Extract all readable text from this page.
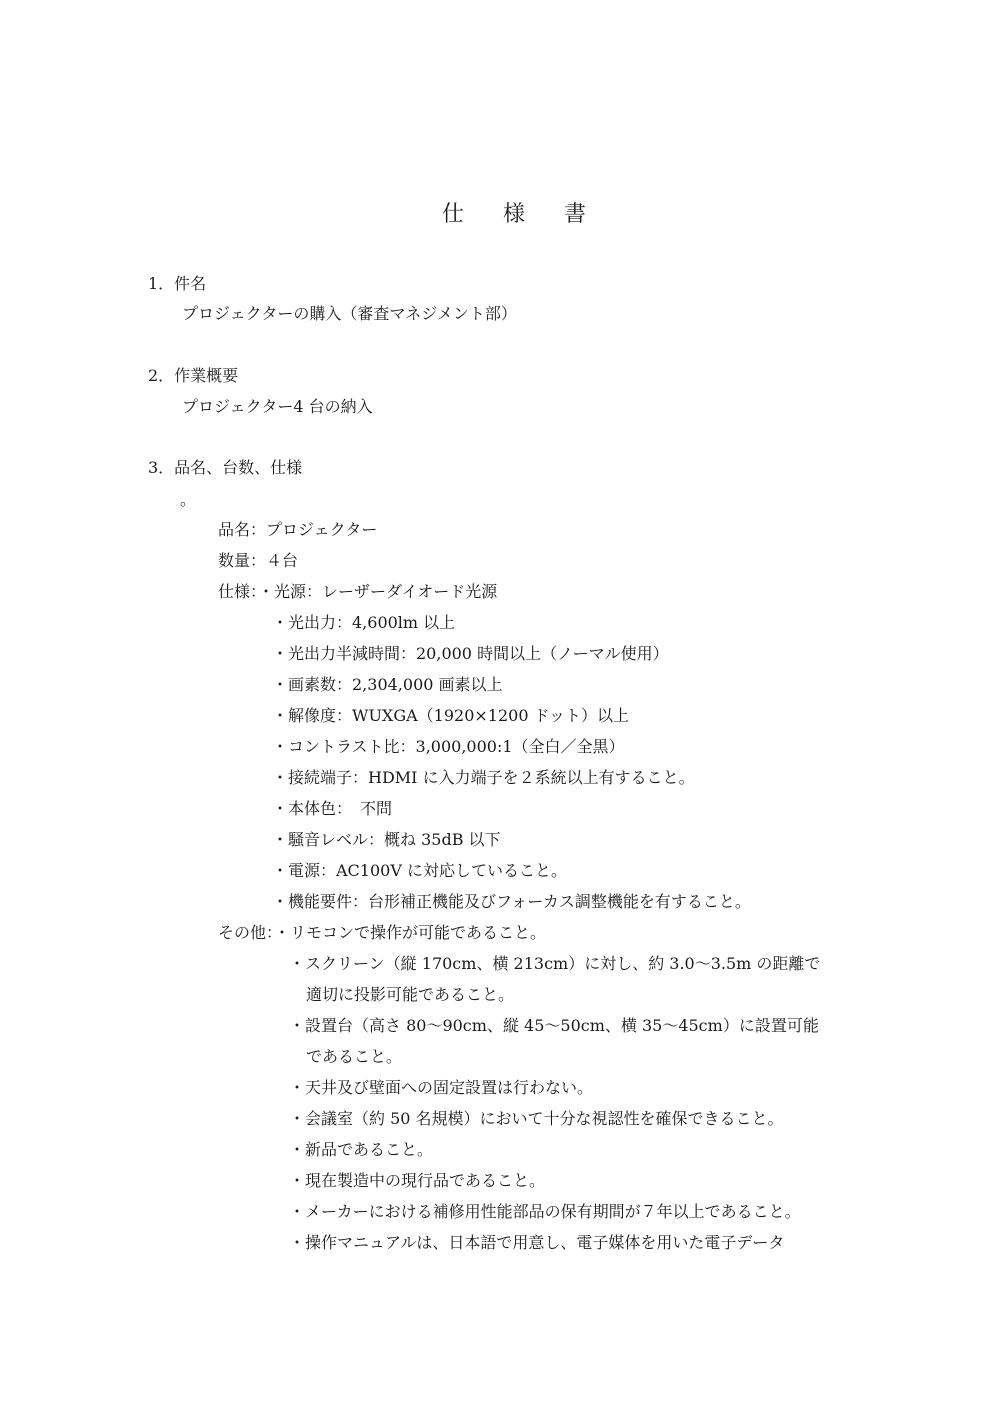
仕 様 書
1．件名
プロジェクターの購入（審査マネジメント部）
2．作業概要
プロジェクター4 台の納入
3．品名、台数、仕様
。
品名：プロジェクター
数量：４台
仕様：・光源：レーザーダイオード光源
・光出力：4,600lm 以上
・光出力半減時間：20,000 時間以上（ノーマル使用）
・画素数：2,304,000 画素以上
・解像度：WUXGA（1920×1200 ドット）以上
・コントラスト比：3,000,000:1（全白／全黒）
・接続端子：HDMI に入力端子を２系統以上有すること。
・本体色：　不問
・騒音レベル：概ね 35dB 以下
・電源：AC100V に対応していること。
・機能要件：台形補正機能及びフォーカス調整機能を有すること。
その他：・リモコンで操作が可能であること。
・スクリーン（縦 170cm、横 213cm）に対し、約 3.0〜3.5m の距離で
適切に投影可能であること。
・設置台（高さ 80〜90cm、縦 45〜50cm、横 35〜45cm）に設置可能
であること。
・天井及び壁面への固定設置は行わない。
・会議室（約 50 名規模）において十分な視認性を確保できること。
・新品であること。
・現在製造中の現行品であること。
・メーカーにおける補修用性能部品の保有期間が７年以上であること。
・操作マニュアルは、日本語で用意し、電子媒体を用いた電子データ
